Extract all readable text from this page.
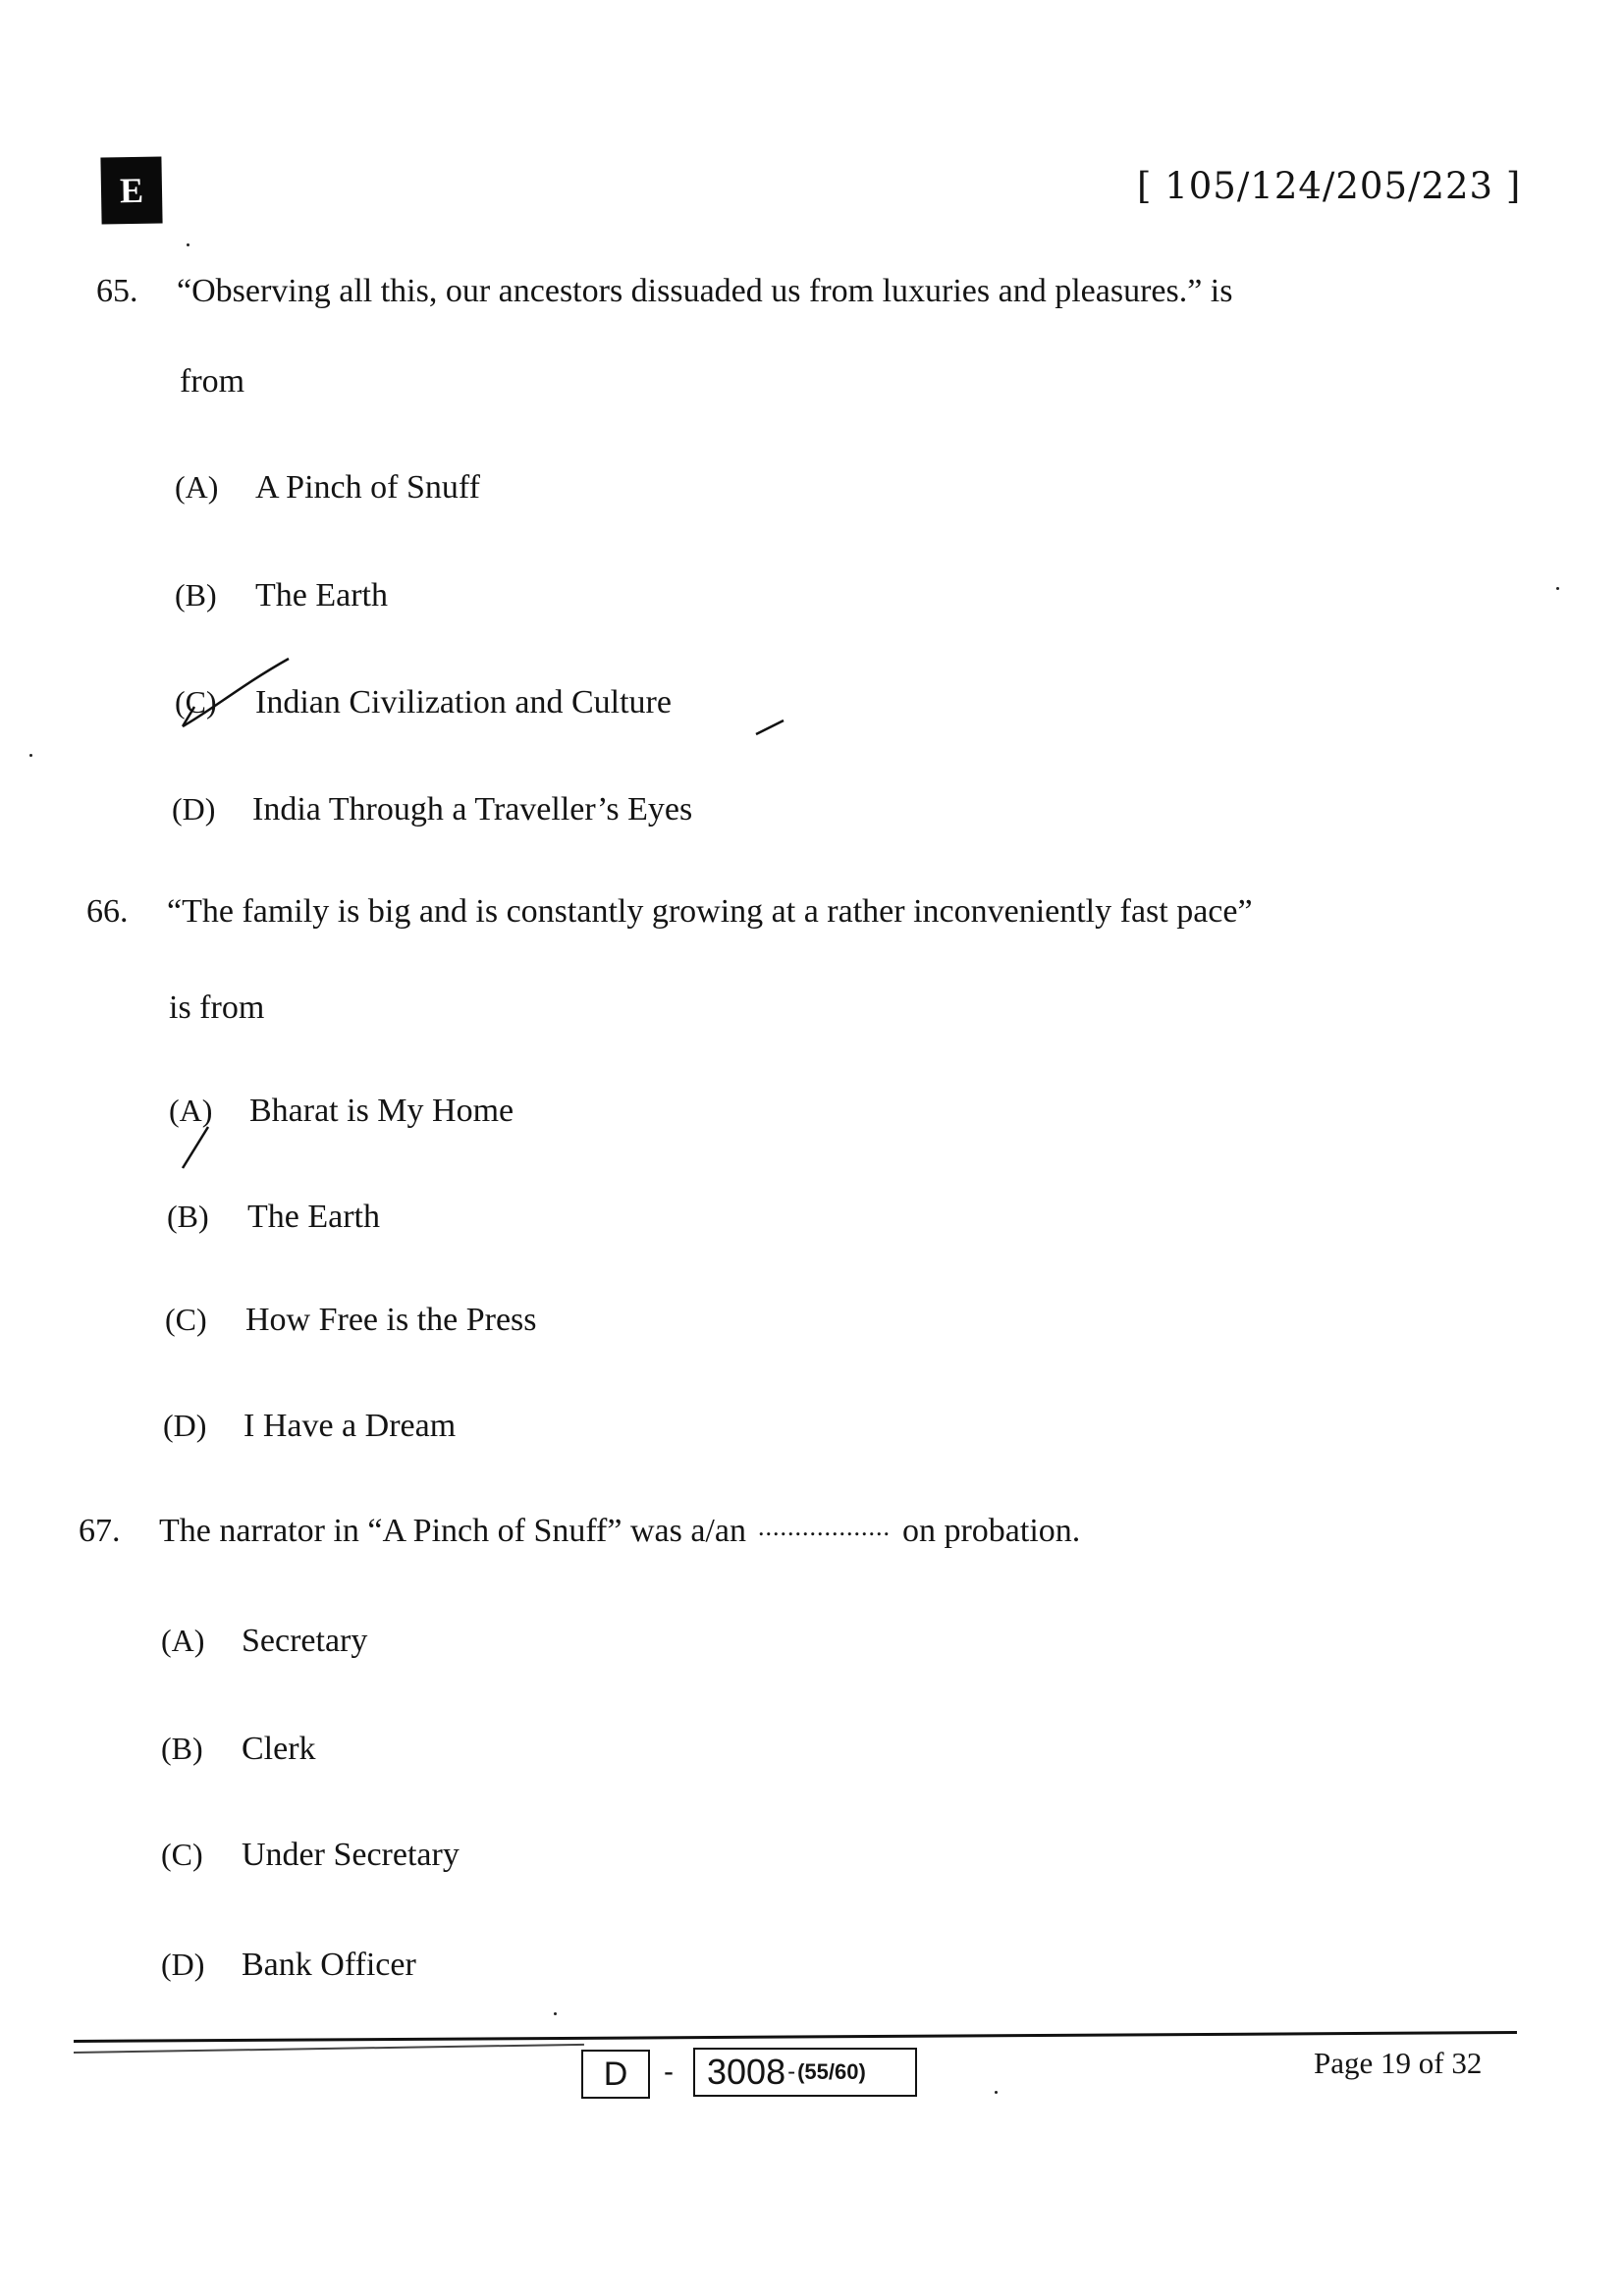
E	[ 105/124/205/223 ]
65.	“Observing all this, our ancestors dissuaded us from luxuries and pleasures.” is
from
(A)	A Pinch of Snuff
(B)	The Earth
(C)	Indian Civilization and Culture
(D)	India Through a Traveller’s Eyes
66.	“The family is big and is constantly growing at a rather inconveniently fast pace”
is from
(A)	Bharat is My Home
(B)	The Earth
(C)	How Free is the Press
(D)	I Have a Dream
67.	The narrator in “A Pinch of Snuff” was a/an .................. on probation.
(A)	Secretary
(B)	Clerk
(C)	Under Secretary
(D)	Bank Officer
D	- 3008 - (55/60)	Page 19 of 32
